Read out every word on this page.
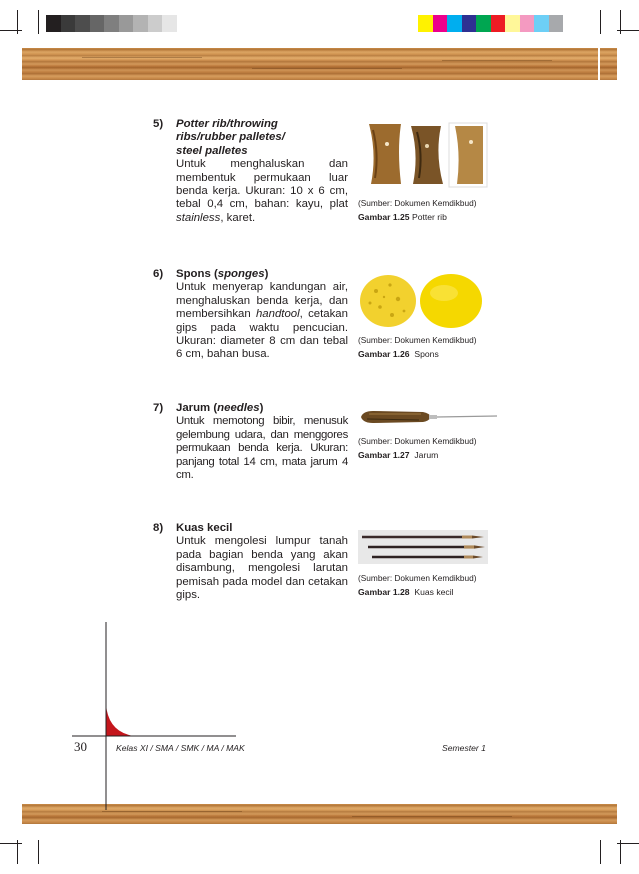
5) Potter rib/throwing
ribs/rubber palletes/
steel palletes
Untuk menghaluskan dan membentuk permukaan luar benda kerja. Ukuran: 10 x 6 cm, tebal 0,4 cm, bahan: kayu, plat stainless, karet.
(Sumber: Dokumen Kemdikbud)
Gambar 1.25 Potter rib
6) Spons (sponges)
Untuk menyerap kandungan air, menghaluskan benda kerja, dan membersihkan handtool, cetakan gips pada waktu pencucian. Ukuran: diameter 8 cm dan tebal 6 cm, bahan busa.
(Sumber: Dokumen Kemdikbud)
Gambar 1.26 Spons
7) Jarum (needles)
Untuk memotong bibir, menusuk gelembung udara, dan menggores permukaan benda kerja. Ukuran: panjang total 14 cm, mata jarum 4 cm.
(Sumber: Dokumen Kemdikbud)
Gambar 1.27 Jarum
8) Kuas kecil
Untuk mengolesi lumpur tanah pada bagian benda yang akan disambung, mengolesi larutan pemisah pada model dan cetakan gips.
(Sumber: Dokumen Kemdikbud)
Gambar 1.28 Kuas kecil
30	Kelas XI / SMA / SMK / MA / MAK	Semester 1
